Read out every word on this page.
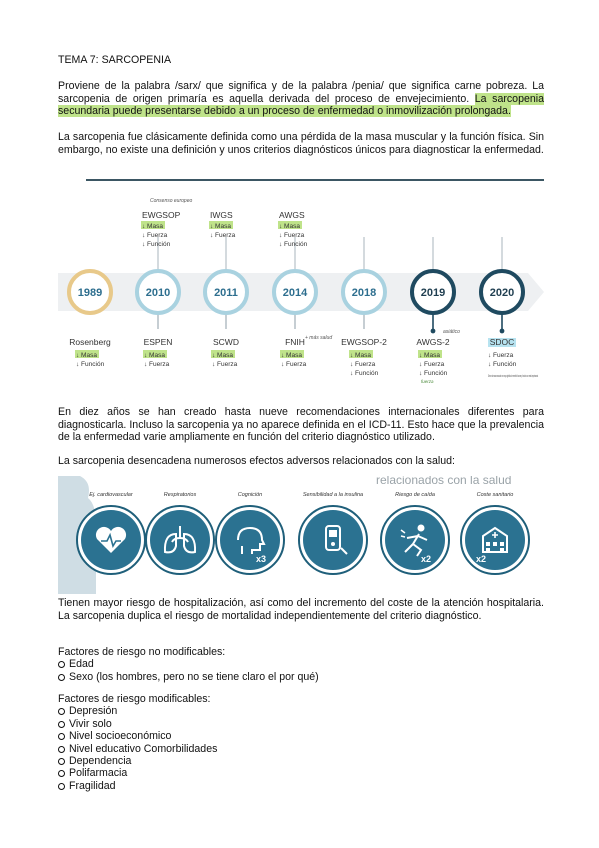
TEMA 7: SARCOPENIA
Proviene de la palabra /sarx/ que significa y de la palabra /penia/ que significa carne pobreza. La sarcopenia de origen primaría es aquella derivada del proceso de envejecimiento. La sarcopenia secundaria puede presentarse debido a un proceso de enfermedad o inmovilización prolongada.
La sarcopenia fue clásicamente definida como una pérdida de la masa muscular y la función física. Sin embargo, no existe una definición y unos criterios diagnósticos únicos para diagnosticar la enfermedad.
1989	2010	2011	2014	2018	2019	2020
EWGSOP
↓ Masa
↓ Fuerza
↓ Función
IWGS
↓ Masa
↓ Fuerza
AWGS
↓ Masa
↓ Fuerza
↓ Función
Consenso europeo
Rosenberg
↓ Masa
↓ Función
ESPEN
↓ Masa
↓ Fuerza
SCWD
↓ Masa
↓ Fuerza
FNIH
↓ Masa
↓ Fuerza
EWGSOP-2
↓ Masa
↓ Fuerza
↓ Función
AWGS-2
↓ Masa
↓ Fuerza
↓ Función
SDOC
↓ Fuerza
↓ Función
Dieron la masa muscular no muy significa de medir la fuerza y función con más importancia
+ más salud
asiático
fuerza
En diez años se han creado hasta nueve recomendaciones internacionales diferentes para diagnosticarla. Incluso la sarcopenia ya no aparece definida en el ICD-11. Esto hace que la prevalencia de la enfermedad varie ampliamente en función del criterio diagnóstico utilizado.
La sarcopenia desencadena numerosos efectos adversos relacionados con la salud:
relacionados con la salud
Ej. cardiovascular	Respiratorios
x3
Cognición	Sensibilidad a la insulina
x2
Riesgo de caída
x2
Coste sanitario
Tienen mayor riesgo de hospitalización, así como del incremento del coste de la atención hospitalaria. La sarcopenia duplica el riesgo de mortalidad independientemente del criterio diagnóstico.
Factores de riesgo no modificables:
Edad
Sexo (los hombres, pero no se tiene claro el por qué)
Factores de riesgo modificables:
Depresión
Vivir solo
Nivel socioeconómico
Nivel educativo Comorbilidades
Dependencia
Polifarmacia
Fragilidad
